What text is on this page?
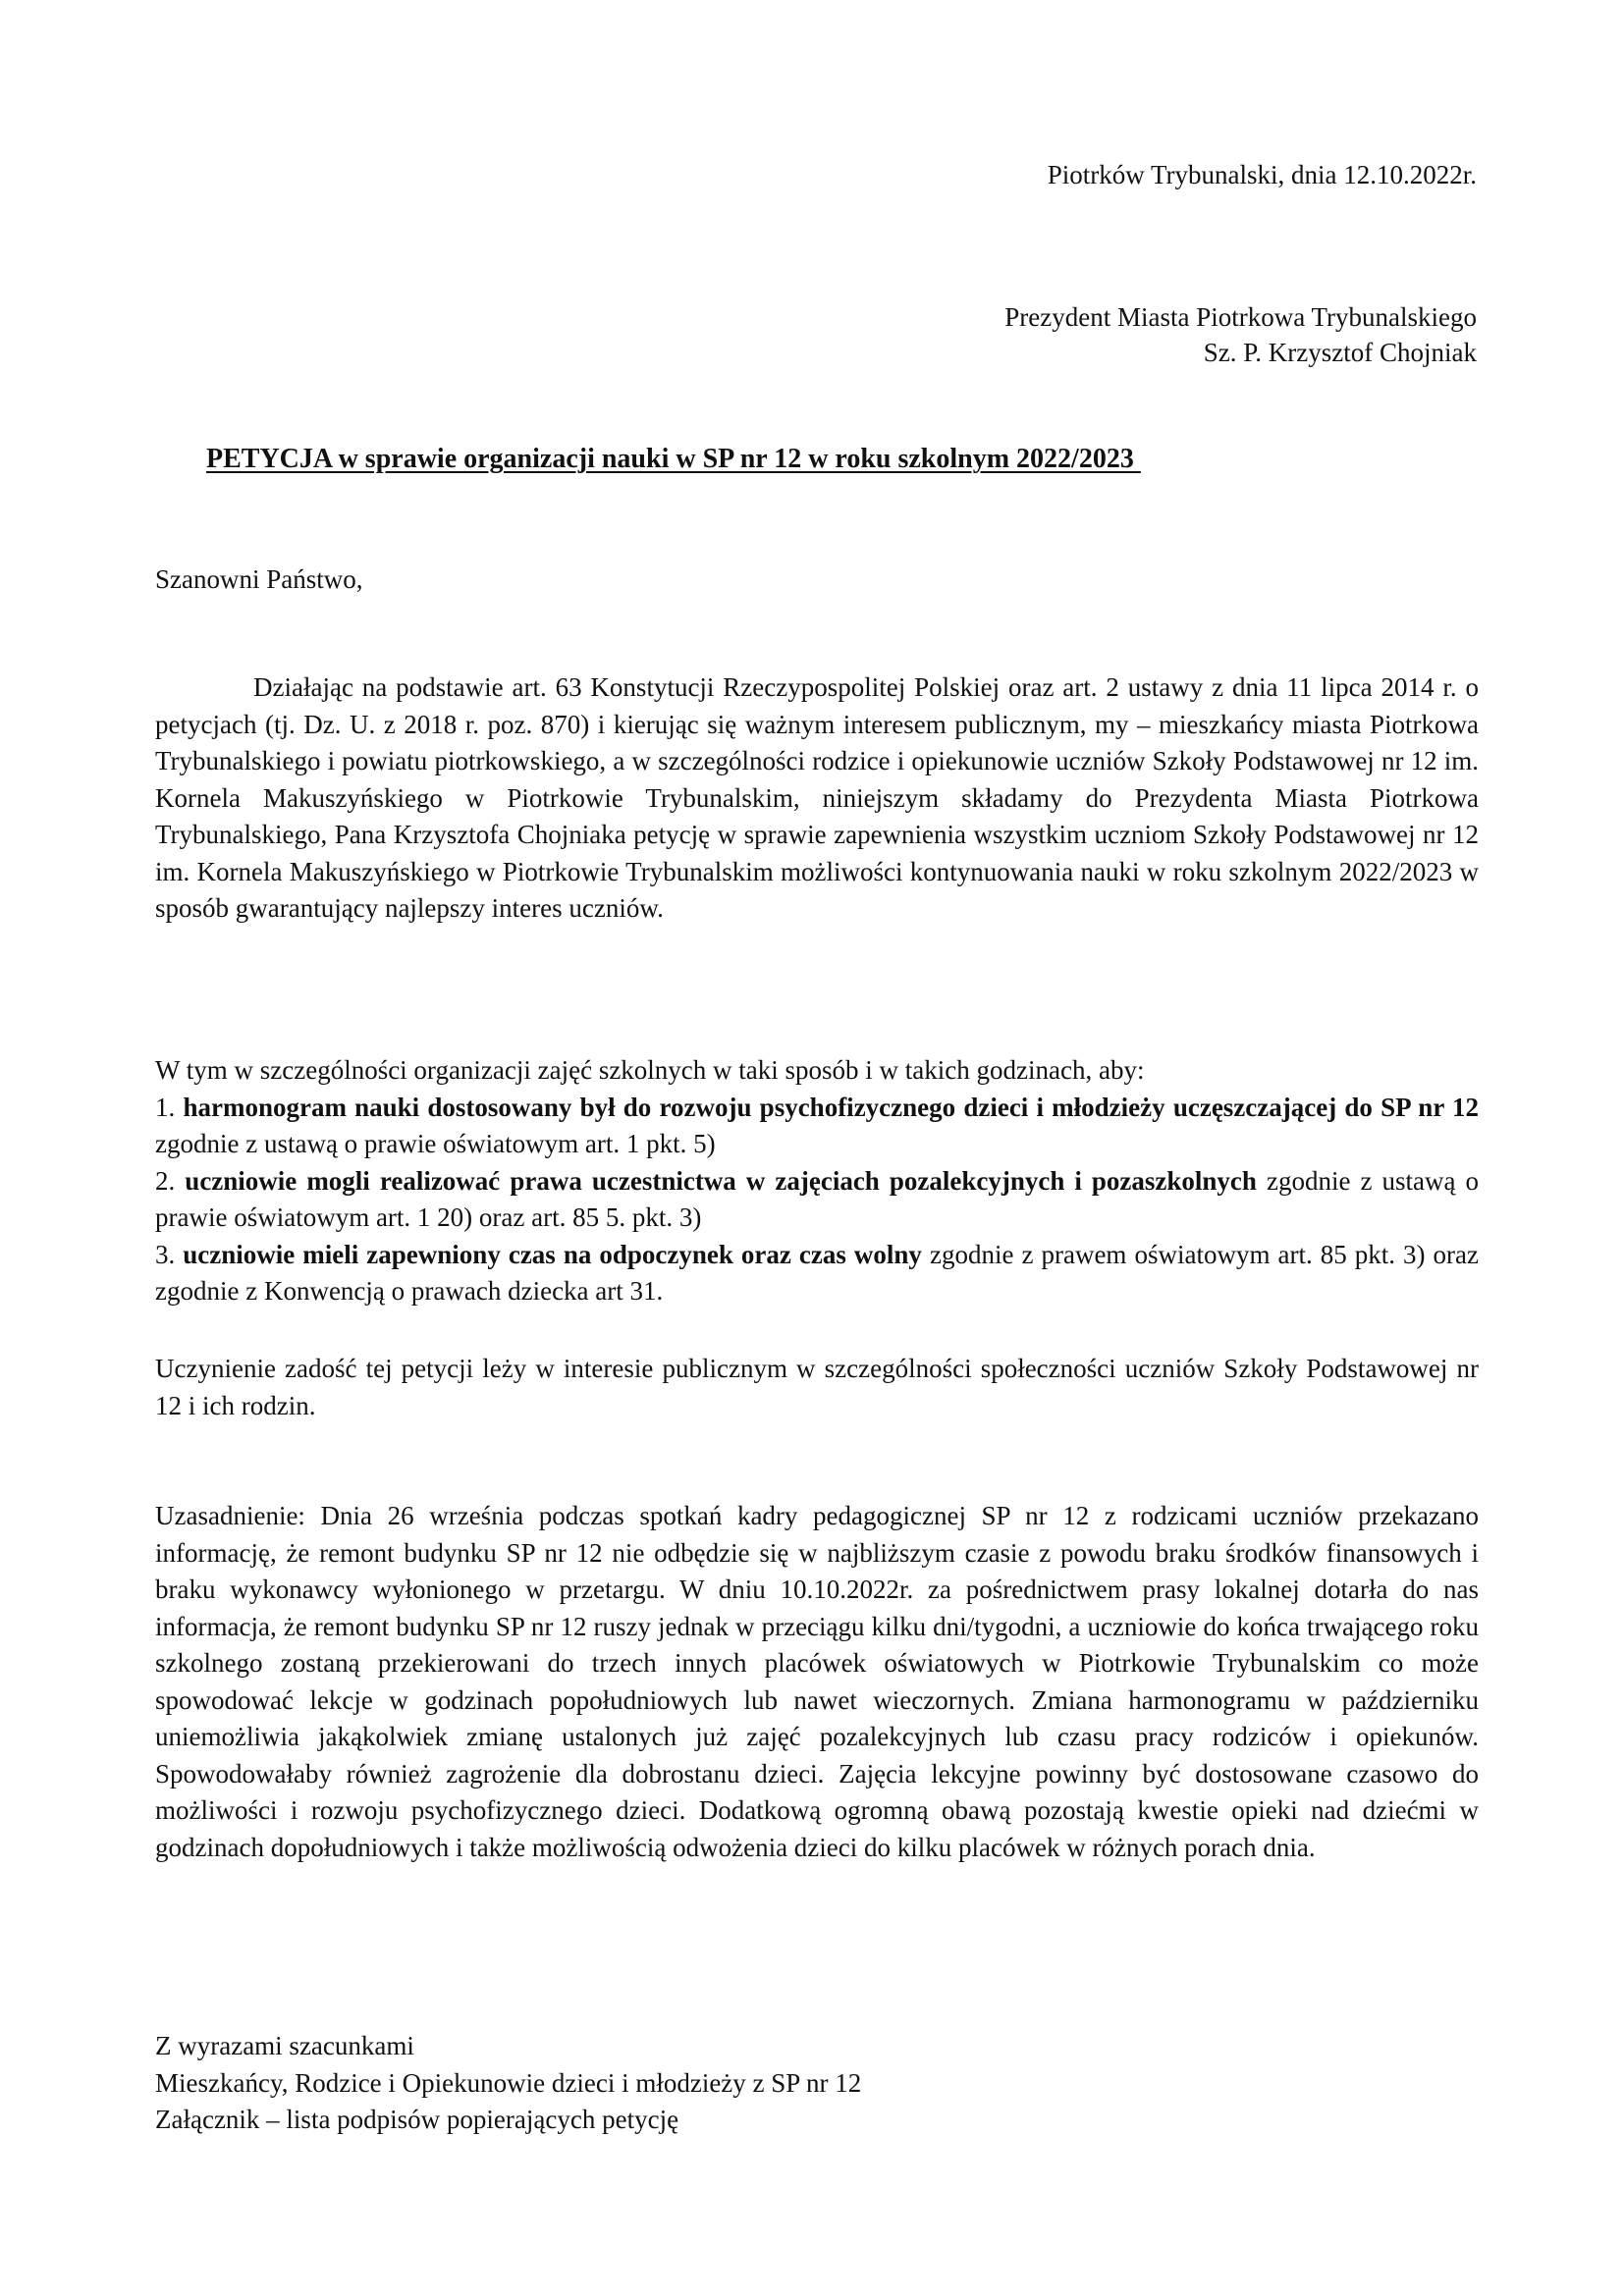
Piotrków Trybunalski, dnia 12.10.2022r.
Prezydent Miasta Piotrkowa Trybunalskiego
Sz. P. Krzysztof Chojniak
PETYCJA w sprawie organizacji nauki w SP nr 12 w roku szkolnym 2022/2023
Szanowni Państwo,
Działając na podstawie art. 63 Konstytucji Rzeczypospolitej Polskiej oraz art. 2 ustawy z dnia 11 lipca 2014 r. o petycjach (tj. Dz. U. z 2018 r. poz. 870) i kierując się ważnym interesem publicznym, my – mieszkańcy miasta Piotrkowa Trybunalskiego i powiatu piotrkowskiego, a w szczególności rodzice i opiekunowie uczniów Szkoły Podstawowej nr 12 im. Kornela Makuszyńskiego w Piotrkowie Trybunalskim, niniejszym składamy do Prezydenta Miasta Piotrkowa Trybunalskiego, Pana Krzysztofa Chojniaka petycję w sprawie zapewnienia wszystkim uczniom Szkoły Podstawowej nr 12 im. Kornela Makuszyńskiego w Piotrkowie Trybunalskim możliwości kontynuowania nauki w roku szkolnym 2022/2023 w sposób gwarantujący najlepszy interes uczniów.
W tym w szczególności organizacji zajęć szkolnych w taki sposób i w takich godzinach, aby:
1. harmonogram nauki dostosowany był do rozwoju psychofizycznego dzieci i młodzieży uczęszczającej do SP nr 12 zgodnie z ustawą o prawie oświatowym art. 1 pkt. 5)
2. uczniowie mogli realizować prawa uczestnictwa w zajęciach pozalekcyjnych i pozaszkolnych zgodnie z ustawą o prawie oświatowym art. 1 20) oraz art. 85 5. pkt. 3)
3. uczniowie mieli zapewniony czas na odpoczynek oraz czas wolny zgodnie z prawem oświatowym art. 85 pkt. 3) oraz zgodnie z Konwencją o prawach dziecka art 31.
Uczynienie zadość tej petycji leży w interesie publicznym w szczególności społeczności uczniów Szkoły Podstawowej nr 12 i ich rodzin.
Uzasadnienie: Dnia 26 września podczas spotkań kadry pedagogicznej SP nr 12 z rodzicami uczniów przekazano informację, że remont budynku SP nr 12 nie odbędzie się w najbliższym czasie z powodu braku środków finansowych i braku wykonawcy wyłonionego w przetargu. W dniu 10.10.2022r. za pośrednictwem prasy lokalnej dotarła do nas informacja, że remont budynku SP nr 12 ruszy jednak w przeciągu kilku dni/tygodni, a uczniowie do końca trwającego roku szkolnego zostaną przekierowani do trzech innych placówek oświatowych w Piotrkowie Trybunalskim co może spowodować lekcje w godzinach popołudniowych lub nawet wieczornych. Zmiana harmonogramu w październiku uniemożliwia jakąkolwiek zmianę ustalonych już zajęć pozalekcyjnych lub czasu pracy rodziców i opiekunów. Spowodowałaby również zagrożenie dla dobrostanu dzieci. Zajęcia lekcyjne powinny być dostosowane czasowo do możliwości i rozwoju psychofizycznego dzieci. Dodatkową ogromną obawą pozostają kwestie opieki nad dziećmi w godzinach dopołudniowych i także możliwością odwożenia dzieci do kilku placówek w różnych porach dnia.
Z wyrazami szacunkami
Mieszkańcy, Rodzice i Opiekunowie dzieci i młodzieży z SP nr 12
Załącznik – lista podpisów popierających petycję
